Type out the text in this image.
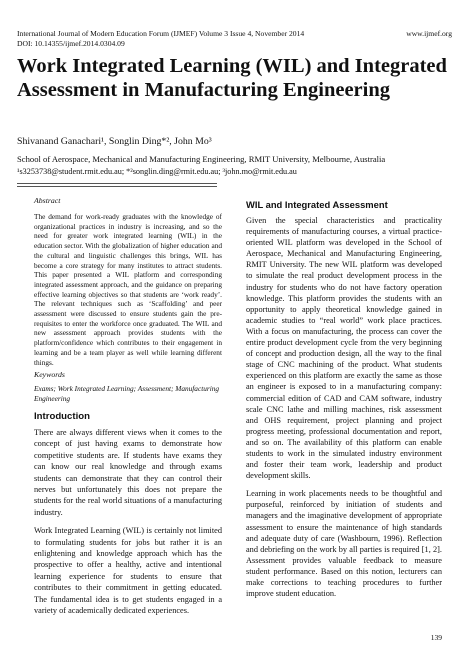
International Journal of Modern Education Forum (IJMEF) Volume 3 Issue 4, November 2014
DOI: 10.14355/ijmef.2014.0304.09
www.ijmef.org
Work Integrated Learning (WIL) and Integrated Assessment in Manufacturing Engineering
Shivanand Ganachari¹, Songlin Ding*², John Mo³
School of Aerospace, Mechanical and Manufacturing Engineering, RMIT University, Melbourne, Australia
¹s3253738@student.rmit.edu.au; *²songlin.ding@rmit.edu.au; ³john.mo@rmit.edu.au
Abstract
The demand for work-ready graduates with the knowledge of organizational practices in industry is increasing, and so the need for greater work integrated learning (WIL) in the education sector. With the globalization of higher education and the cultural and linguistic challenges this brings, WIL has become a core strategy for many institutes to attract students. This paper presented a WIL platform and corresponding integrated assessment approach, and the guidance on preparing effective learning objectives so that students are ‘work ready’. The relevant techniques such as ‘Scaffolding’ and peer assessment were discussed to ensure students gain the pre-requisites to enter the workforce once graduated. The WIL and new assessment approach provides students with the platform/confidence which contributes to their engagement in learning and be a team player as well while learning different things.
Keywords
Exams; Work Integrated Learning; Assessment; Manufacturing Engineering
Introduction

There are always different views when it comes to the concept of just having exams to demonstrate how competitive students are. If students have exams they can know our real knowledge and through exams students can demonstrate that they can control their nerves but unfortunately this does not prepare the students for the real world situations of a manufacturing industry.

Work Integrated Learning (WIL) is certainly not limited to formulating students for jobs but rather it is an enlightening and knowledge approach which has the prospective to offer a healthy, active and intentional learning experience for students to ensure that contributes to their commitment in getting educated. The fundamental idea is to get students engaged in a variety of academically dedicated experiences.

WIL and Integrated Assessment

Given the special characteristics and practicality requirements of manufacturing courses, a virtual practice-oriented WIL platform was developed in the School of Aerospace, Mechanical and Manufacturing Engineering, RMIT University. The new WIL platform was developed to simulate the real product development process in the industry for students who do not have factory operation knowledge. This platform provides the students with an opportunity to apply theoretical knowledge gained in academic studies to “real world” work place practices. With a focus on manufacturing, the process can cover the entire product development cycle from the very beginning of concept and production design, all the way to the final stage of CNC machining of the product. What students experienced on this platform are exactly the same as those an engineer is exposed to in a manufacturing company: commercial edition of CAD and CAM software, industry scale CNC lathe and milling machines, risk assessment and OHS requirement, project planning and project progress meeting, professional documentation and report, and so on. The availability of this platform can enable students to work in the simulated industry environment and foster their team work, leadership and product development skills.

Learning in work placements needs to be thoughtful and purposeful, reinforced by initiation of students and managers and the imaginative development of appropriate assessment to ensure the maintenance of high standards and adequate duty of care (Washbourn, 1996). Reflection and debriefing on the work by all parties is required [1, 2]. Assessment provides valuable feedback to measure student performance. Based on this notion, lecturers can make corrections to teaching procedures to further improve student education.

139
